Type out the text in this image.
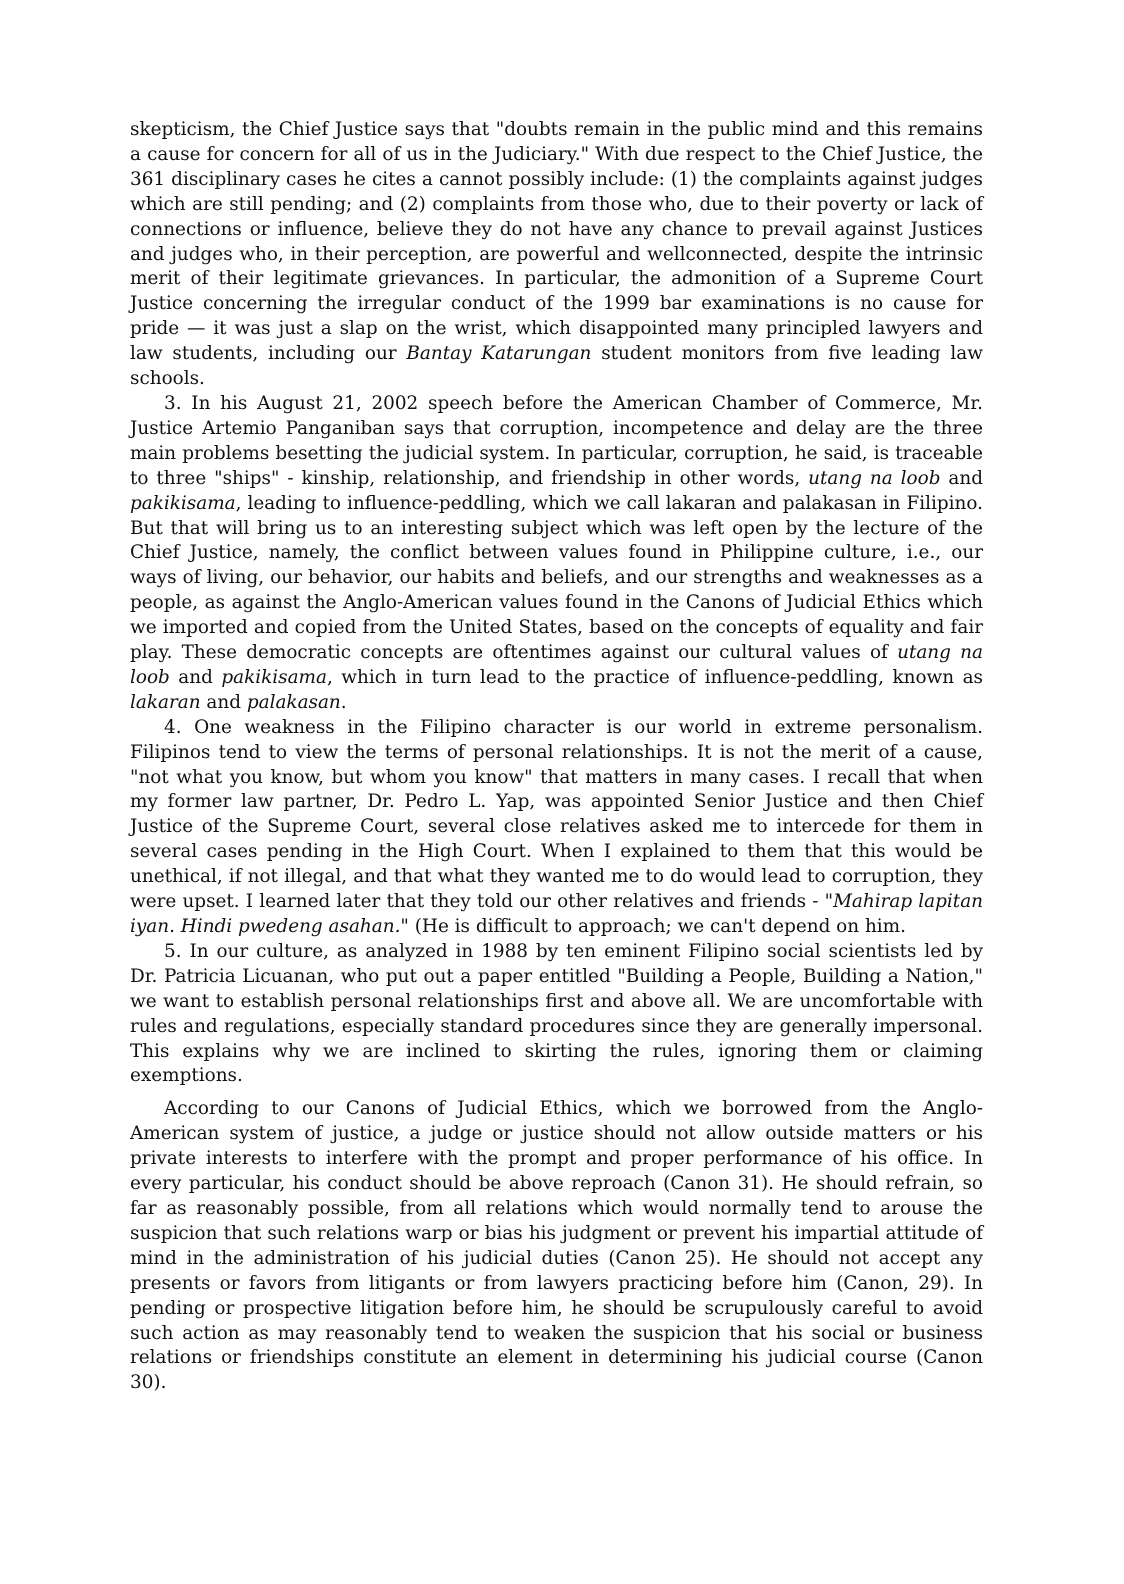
skepticism, the Chief Justice says that "doubts remain in the public mind and this remains a cause for concern for all of us in the Judiciary." With due respect to the Chief Justice, the 361 disciplinary cases he cites a cannot possibly include: (1) the complaints against judges which are still pending; and (2) complaints from those who, due to their poverty or lack of connections or influence, believe they do not have any chance to prevail against Justices and judges who, in their perception, are powerful and wellconnected, despite the intrinsic merit of their legitimate grievances. In particular, the admonition of a Supreme Court Justice concerning the irregular conduct of the 1999 bar examinations is no cause for pride — it was just a slap on the wrist, which disappointed many principled lawyers and law students, including our Bantay Katarungan student monitors from five leading law schools.

3. In his August 21, 2002 speech before the American Chamber of Commerce, Mr. Justice Artemio Panganiban says that corruption, incompetence and delay are the three main problems besetting the judicial system. In particular, corruption, he said, is traceable to three "ships" - kinship, relationship, and friendship in other words, utang na loob and pakikisama, leading to influence-peddling, which we call lakaran and palakasan in Filipino. But that will bring us to an interesting subject which was left open by the lecture of the Chief Justice, namely, the conflict between values found in Philippine culture, i.e., our ways of living, our behavior, our habits and beliefs, and our strengths and weaknesses as a people, as against the Anglo-American values found in the Canons of Judicial Ethics which we imported and copied from the United States, based on the concepts of equality and fair play. These democratic concepts are oftentimes against our cultural values of utang na loob and pakikisama, which in turn lead to the practice of influence-peddling, known as lakaran and palakasan.

4. One weakness in the Filipino character is our world in extreme personalism. Filipinos tend to view the terms of personal relationships. It is not the merit of a cause, "not what you know, but whom you know" that matters in many cases. I recall that when my former law partner, Dr. Pedro L. Yap, was appointed Senior Justice and then Chief Justice of the Supreme Court, several close relatives asked me to intercede for them in several cases pending in the High Court. When I explained to them that this would be unethical, if not illegal, and that what they wanted me to do would lead to corruption, they were upset. I learned later that they told our other relatives and friends - "Mahirap lapitan iyan. Hindi pwedeng asahan." (He is difficult to approach; we can't depend on him.

5. In our culture, as analyzed in 1988 by ten eminent Filipino social scientists led by Dr. Patricia Licuanan, who put out a paper entitled "Building a People, Building a Nation," we want to establish personal relationships first and above all. We are uncomfortable with rules and regulations, especially standard procedures since they are generally impersonal. This explains why we are inclined to skirting the rules, ignoring them or claiming exemptions.

According to our Canons of Judicial Ethics, which we borrowed from the Anglo-American system of justice, a judge or justice should not allow outside matters or his private interests to interfere with the prompt and proper performance of his office. In every particular, his conduct should be above reproach (Canon 31). He should refrain, so far as reasonably possible, from all relations which would normally tend to arouse the suspicion that such relations warp or bias his judgment or prevent his impartial attitude of mind in the administration of his judicial duties (Canon 25). He should not accept any presents or favors from litigants or from lawyers practicing before him (Canon, 29). In pending or prospective litigation before him, he should be scrupulously careful to avoid such action as may reasonably tend to weaken the suspicion that his social or business relations or friendships constitute an element in determining his judicial course (Canon 30).
